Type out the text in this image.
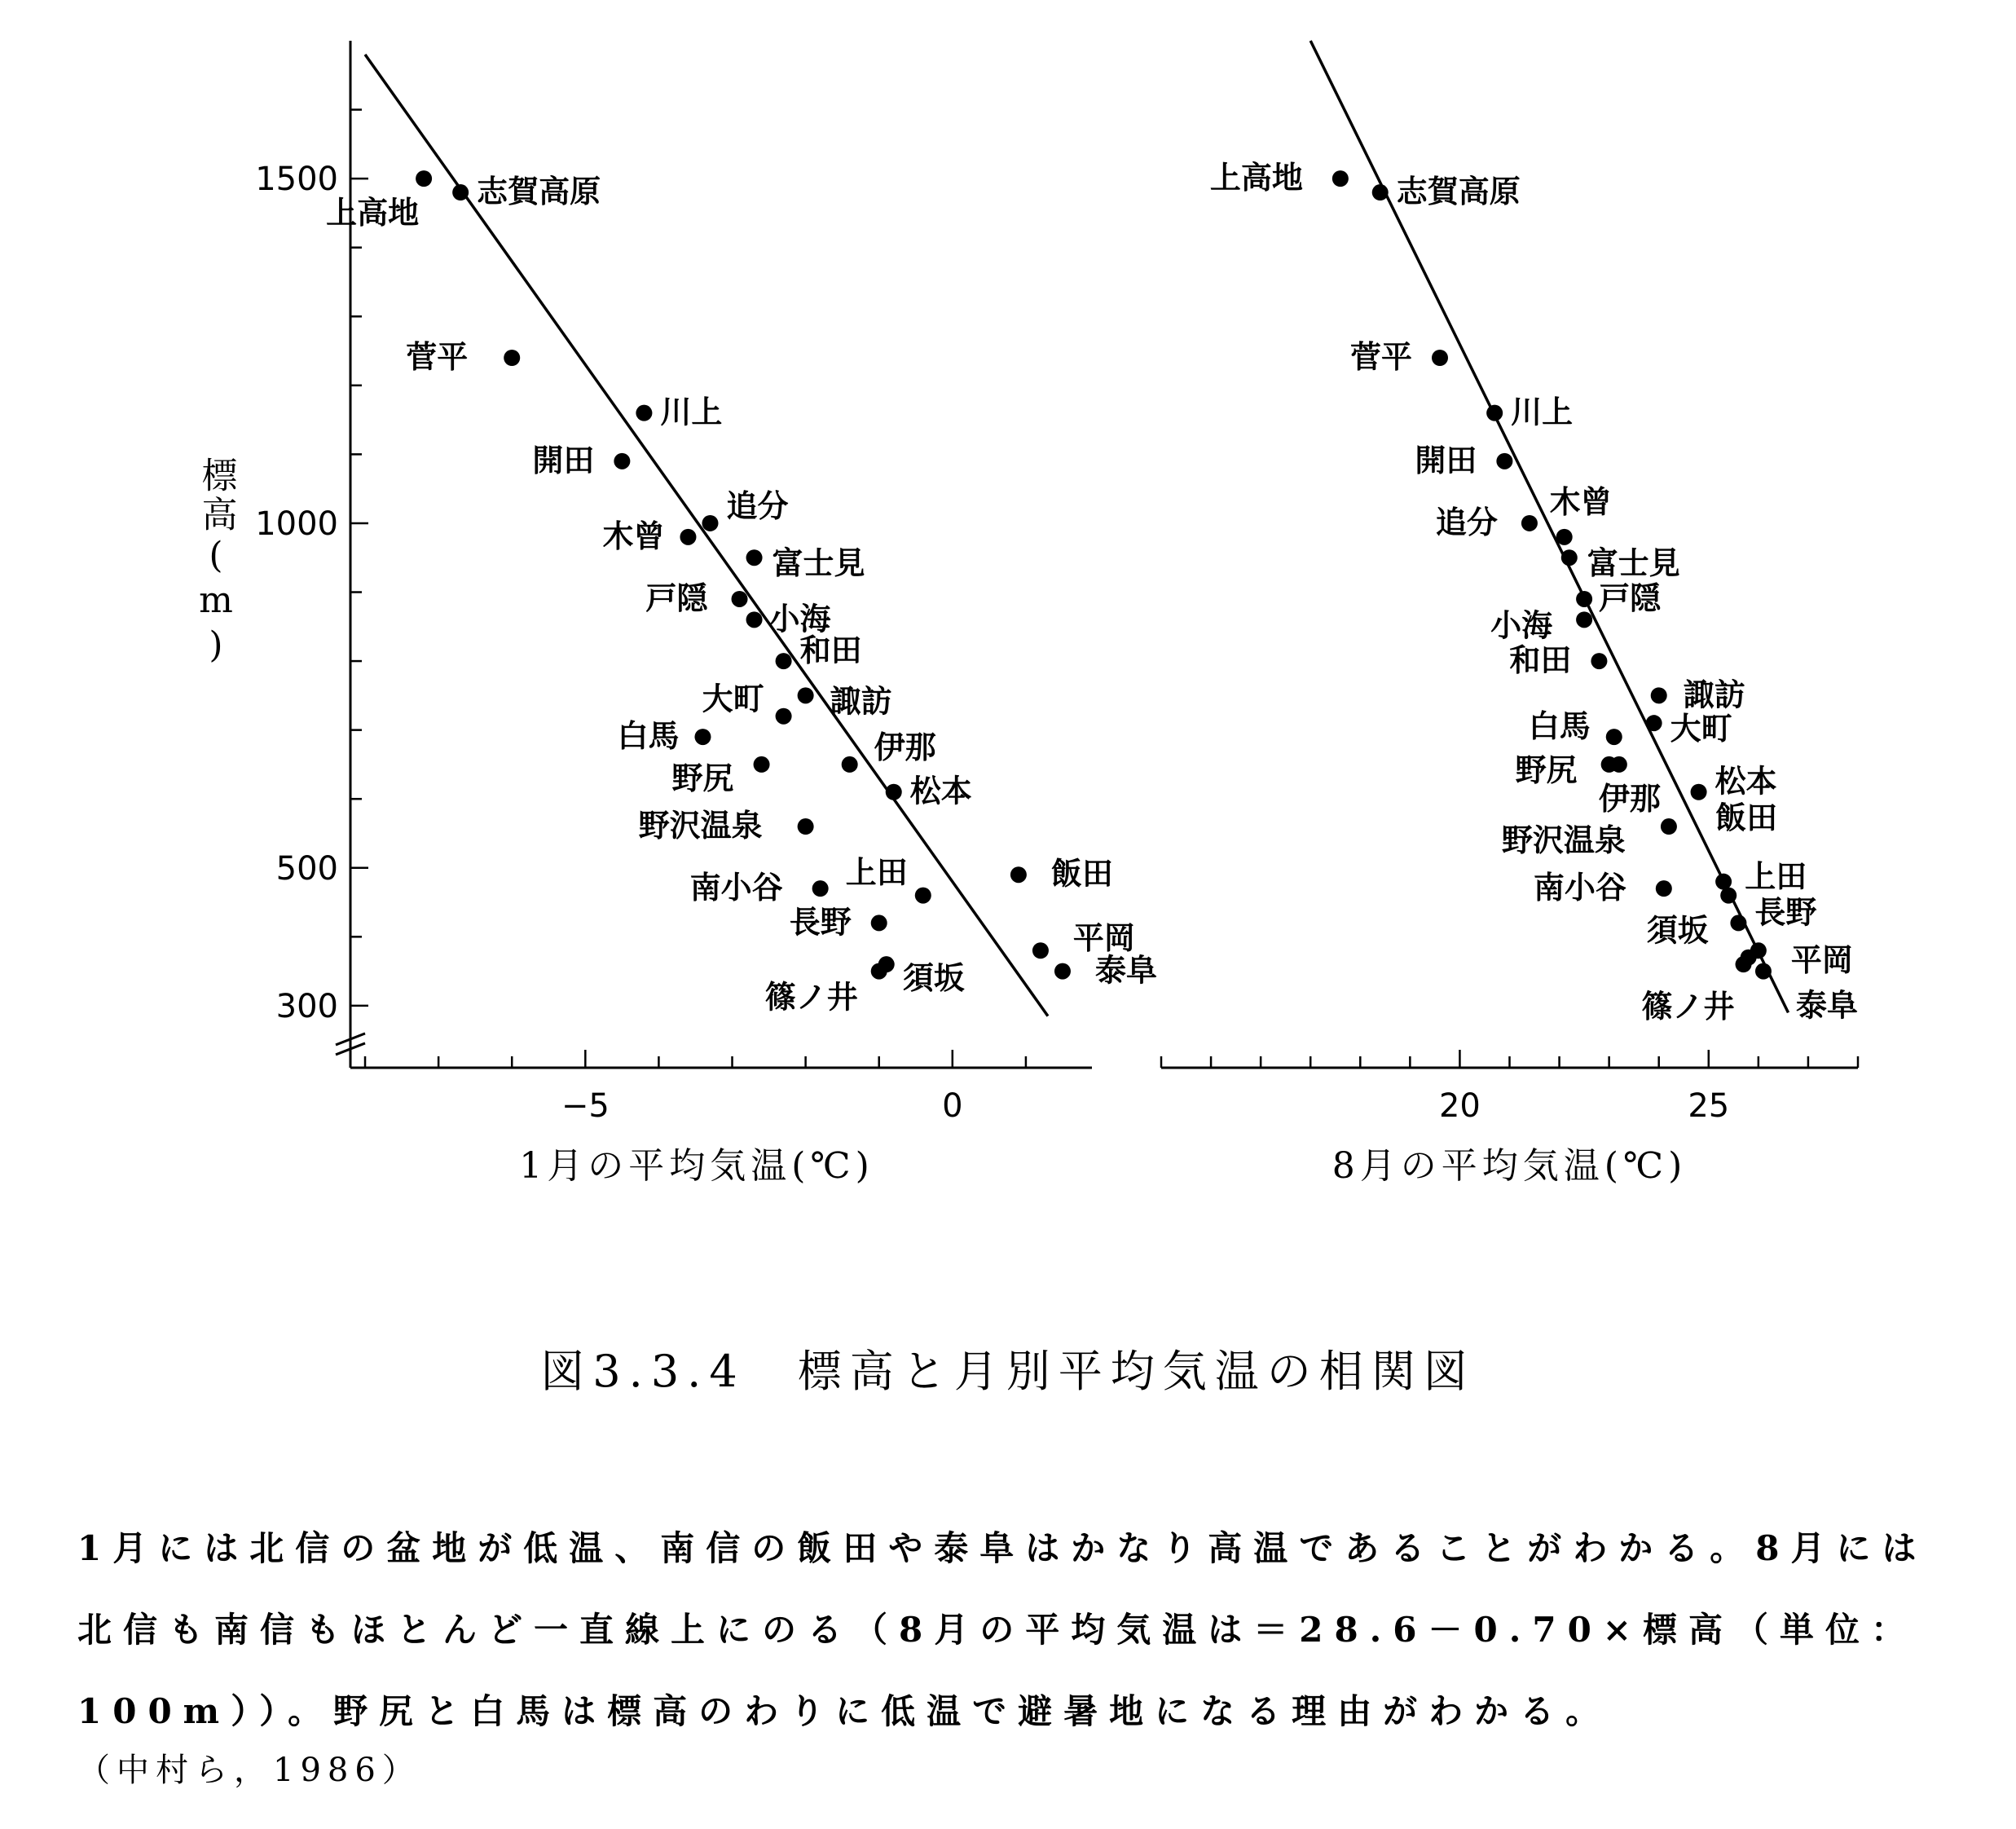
−5	0
300
500
1000
1500
標高(m)
1月の平均気温(℃)
上高地
志賀高原
菅平
川上
開田
追分
木曾
富士見
戸隠
小海
和田
諏訪
大町
白馬
野尻
伊那
松本
野沢温泉
飯田
南小谷 上田
長野	平岡
須坂	泰阜
篠ノ井
20	25
8月の平均気温(℃)
上高地	志賀高原
菅平
川上
開田
木曾
富士見
追分
戸隠
小海
和田
諏訪
大町
白馬
野尻
伊那 松本
野沢温泉
飯田
上田
南小谷
長野
平岡
須坂
篠ノ井 泰阜

図3.3.4　標高と月別平均気温の相関図

1月には北信の盆地が低温、南信の飯田や泰阜はかなり高温であることがわかる。8月には北信も南信もほとんど一直線上にのる（8月の平均気温は＝28.6－0.70×標高（単位：100m））。野尻と白馬は標高のわりに低温で避暑地になる理由がわかる。

（中村ら，1986）
